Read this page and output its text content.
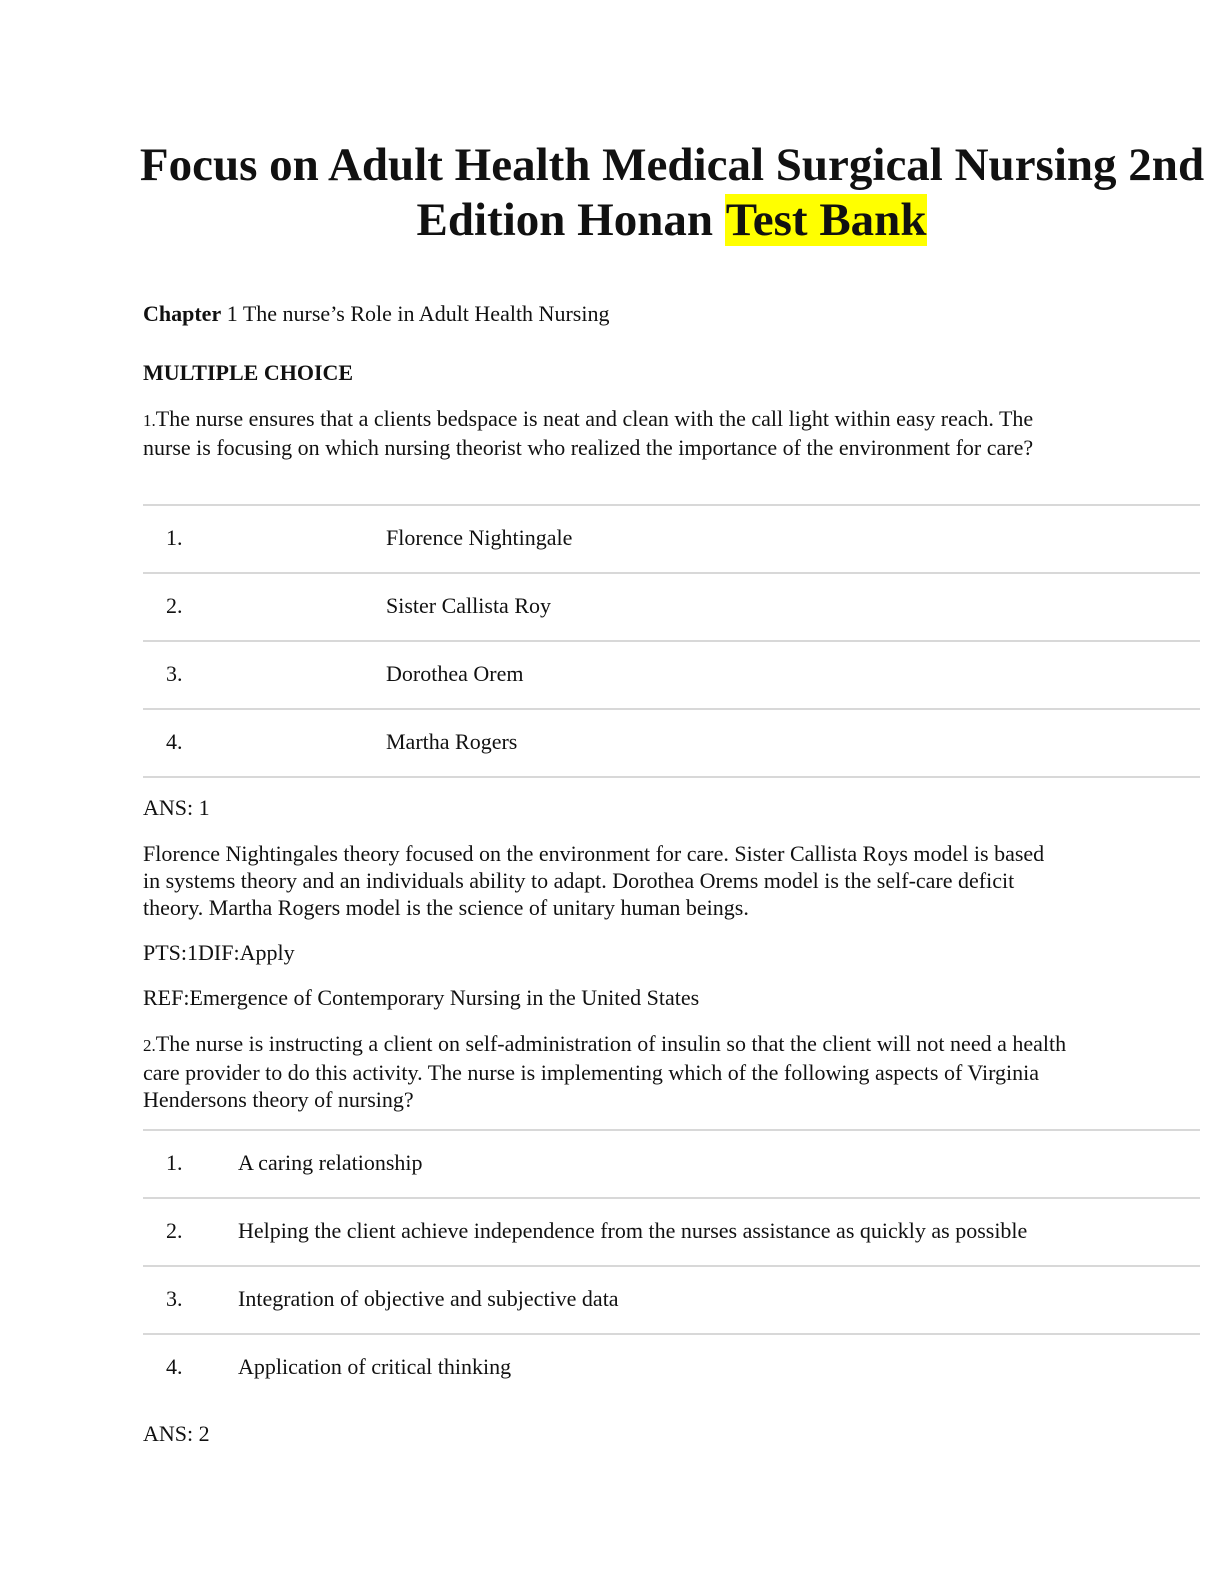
Focus on Adult Health Medical Surgical Nursing 2nd
Edition Honan Test Bank
Chapter 1 The nurse’s Role in Adult Health Nursing
MULTIPLE CHOICE
1.The nurse ensures that a clients bedspace is neat and clean with the call light within easy reach. The nurse is focusing on which nursing theorist who realized the importance of the environment for care?
1.	Florence Nightingale
2.	Sister Callista Roy
3.	Dorothea Orem
4.	Martha Rogers
ANS: 1
Florence Nightingales theory focused on the environment for care. Sister Callista Roys model is based in systems theory and an individuals ability to adapt. Dorothea Orems model is the self-care deficit theory. Martha Rogers model is the science of unitary human beings.
PTS:1DIF:Apply
REF:Emergence of Contemporary Nursing in the United States
2.The nurse is instructing a client on self-administration of insulin so that the client will not need a health care provider to do this activity. The nurse is implementing which of the following aspects of Virginia Hendersons theory of nursing?
1.	A caring relationship
2.	Helping the client achieve independence from the nurses assistance as quickly as possible
3.	Integration of objective and subjective data
4.	Application of critical thinking
ANS: 2
